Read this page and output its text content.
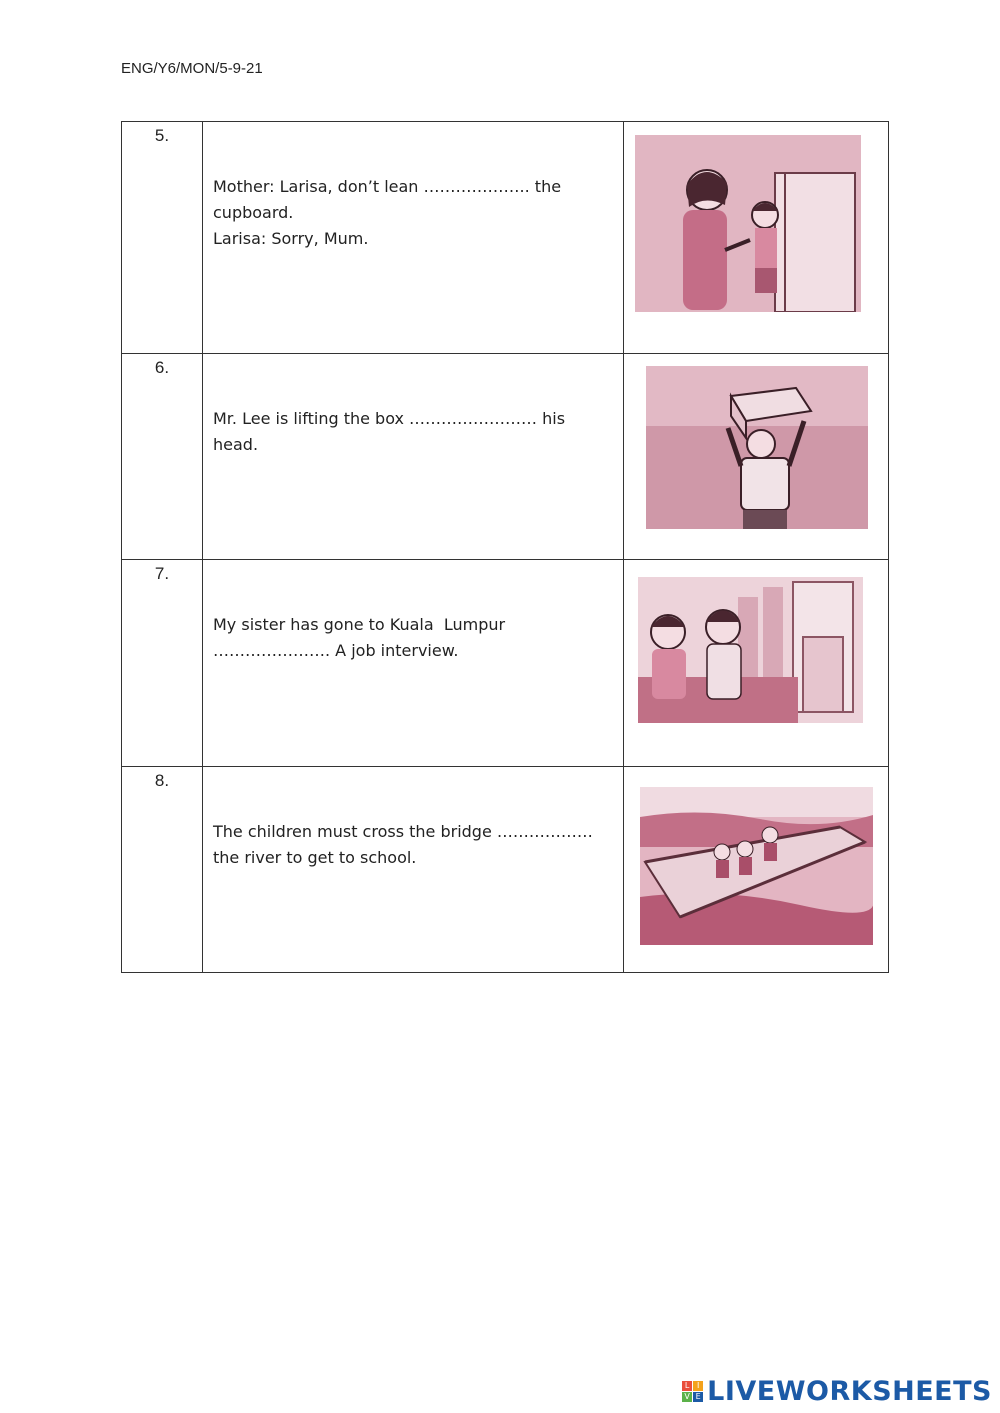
ENG/Y6/MON/5-9-21
5.	Mother: Larisa, don’t lean ……………….. the
cupboard.
Larisa: Sorry, Mum.

6.	Mr. Lee is lifting the box …………………… his
head.

7.	My sister has gone to Kuala  Lumpur
…………………. A job interview.

8.	The children must cross the bridge ………………
the river to get to school.

L I
V E LIVEWORKSHEETS
